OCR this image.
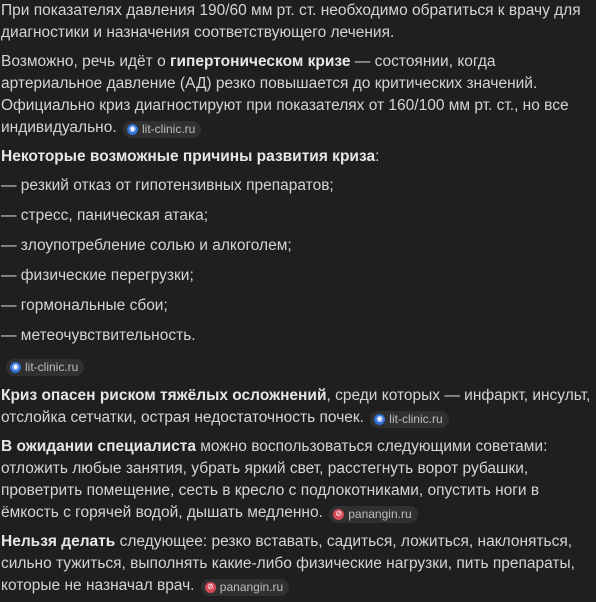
При показателях давления 190/60 мм рт. ст. необходимо обратиться к врачу для диагностики и назначения соответствующего лечения.

Возможно, речь идёт о гипертоническом кризе — состоянии, когда артериальное давление (АД) резко повышается до критических значений. Официально криз диагностируют при показателях от 160/100 мм рт. ст., но все индивидуально. ◉ lit-clinic.ru

Некоторые возможные причины развития криза:

— резкий отказ от гипотензивных препаратов;
— стресс, паническая атака;
— злоупотребление солью и алкоголем;
— физические перегрузки;
— гормональные сбои;
— метеочувствительность.
◉ lit-clinic.ru

Криз опасен риском тяжёлых осложнений, среди которых — инфаркт, инсульт, отслойка сетчатки, острая недостаточность почек. ◉ lit-clinic.ru

В ожидании специалиста можно воспользоваться следующими советами: отложить любые занятия, убрать яркий свет, расстегнуть ворот рубашки, проветрить помещение, сесть в кресло с подлокотниками, опустить ноги в ёмкость с горячей водой, дышать медленно. ⊘ panangin.ru

Нельзя делать следующее: резко вставать, садиться, ложиться, наклоняться, сильно тужиться, выполнять какие-либо физические нагрузки, пить препараты, которые не назначал врач. ⊘ panangin.ru
